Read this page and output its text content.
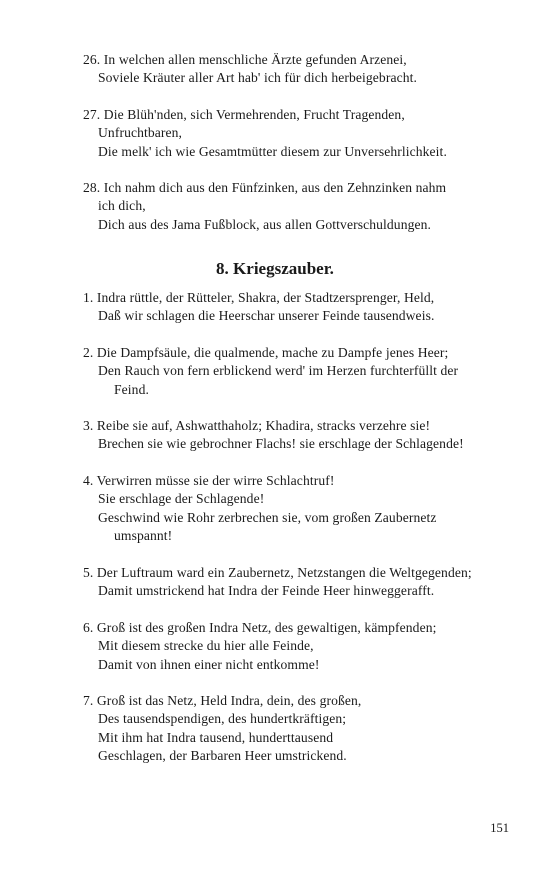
26. In welchen allen menschliche Ärzte gefunden Arzenei,
Soviele Kräuter aller Art hab' ich für dich herbeigebracht.
27. Die Blüh'nden, sich Vermehrenden, Frucht Tragenden,
Unfruchtbaren,
Die melk' ich wie Gesamtmütter diesem zur Unversehrlichkeit.
28. Ich nahm dich aus den Fünfzinken, aus den Zehnzinken nahm
ich dich,
Dich aus des Jama Fußblock, aus allen Gottverschuldungen.
8. Kriegszauber.
1. Indra rüttle, der Rütteler, Shakra, der Stadtzersprenger, Held,
Daß wir schlagen die Heerschar unserer Feinde tausendweis.
2. Die Dampfsäule, die qualmende, mache zu Dampfe jenes Heer;
Den Rauch von fern erblickend werd' im Herzen furchterfüllt der
Feind.
3. Reibe sie auf, Ashwatthaholz; Khadira, stracks verzehre sie!
Brechen sie wie gebrochner Flachs! sie erschlage der Schlagende!
4. Verwirren müsse sie der wirre Schlachtruf!
Sie erschlage der Schlagende!
Geschwind wie Rohr zerbrechen sie, vom großen Zaubernetz
umspannt!
5. Der Luftraum ward ein Zaubernetz, Netzstangen die Weltgegenden;
Damit umstrickend hat Indra der Feinde Heer hinweggerafft.
6. Groß ist des großen Indra Netz, des gewaltigen, kämpfenden;
Mit diesem strecke du hier alle Feinde,
Damit von ihnen einer nicht entkomme!
7. Groß ist das Netz, Held Indra, dein, des großen,
Des tausendspendigen, des hundertkräftigen;
Mit ihm hat Indra tausend, hunderttausend
Geschlagen, der Barbaren Heer umstrickend.
151
